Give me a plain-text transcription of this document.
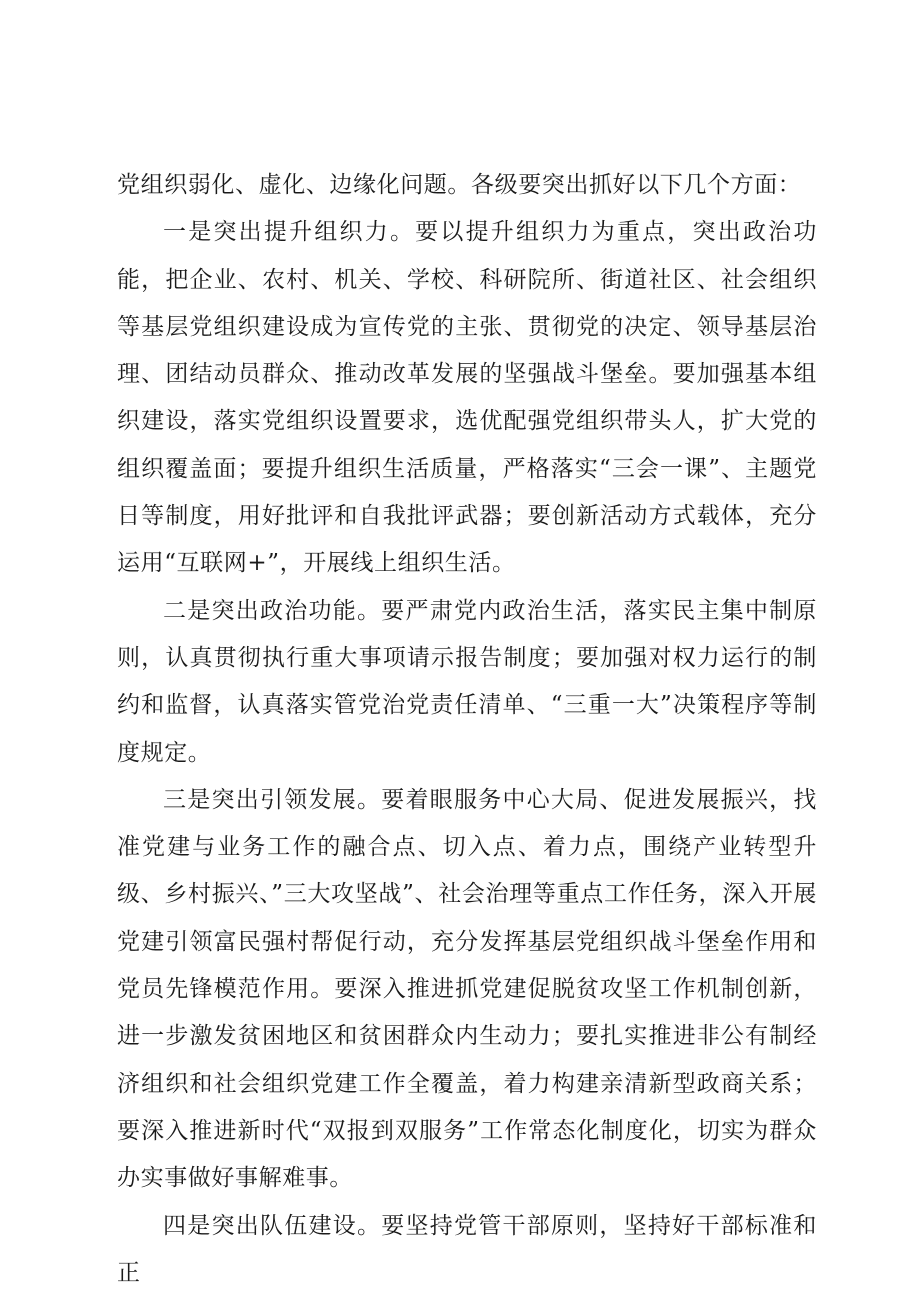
党组织弱化、虚化、边缘化问题。各级要突出抓好以下几个方面：

一是突出提升组织力。要以提升组织力为重点，突出政治功能，把企业、农村、机关、学校、科研院所、街道社区、社会组织等基层党组织建设成为宣传党的主张、贯彻党的决定、领导基层治理、团结动员群众、推动改革发展的坚强战斗堡垒。要加强基本组织建设，落实党组织设置要求，选优配强党组织带头人，扩大党的组织覆盖面；要提升组织生活质量，严格落实“三会一课”、主题党日等制度，用好批评和自我批评武器；要创新活动方式载体，充分运用“互联网+”，开展线上组织生活。

二是突出政治功能。要严肃党内政治生活，落实民主集中制原则，认真贯彻执行重大事项请示报告制度；要加强对权力运行的制约和监督，认真落实管党治党责任清单、“三重一大”决策程序等制度规定。

三是突出引领发展。要着眼服务中心大局、促进发展振兴，找准党建与业务工作的融合点、切入点、着力点，围绕产业转型升级、乡村振兴、”三大攻坚战”、社会治理等重点工作任务，深入开展党建引领富民强村帮促行动，充分发挥基层党组织战斗堡垒作用和党员先锋模范作用。要深入推进抓党建促脱贫攻坚工作机制创新，进一步激发贫困地区和贫困群众内生动力；要扎实推进非公有制经济组织和社会组织党建工作全覆盖，着力构建亲清新型政商关系；要深入推进新时代“双报到双服务”工作常态化制度化，切实为群众办实事做好事解难事。

四是突出队伍建设。要坚持党管干部原则，坚持好干部标准和正
